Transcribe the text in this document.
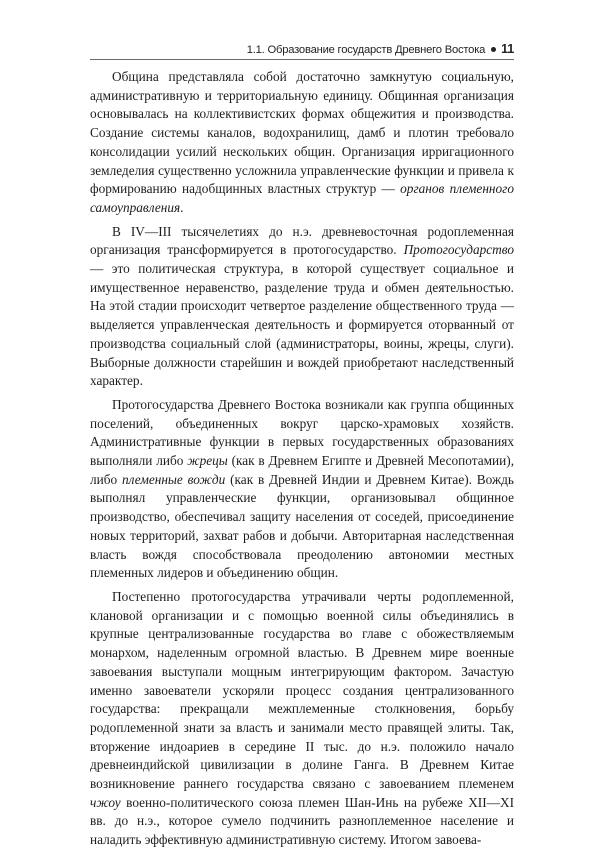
1.1. Образование государств Древнего Востока 11

Община представляла собой достаточно замкнутую социальную, административную и территориальную единицу. Общинная организация основывалась на коллективистских формах общежития и производства. Создание системы каналов, водохранилищ, дамб и плотин требовало консолидации усилий нескольких общин. Организация ирригационного земледелия существенно усложнила управленческие функции и привела к формированию надобщинных властных структур — органов племенного самоуправления.

В IV—III тысячелетиях до н.э. древневосточная родоплеменная организация трансформируется в протогосударство. Протогосударство — это политическая структура, в которой существует социальное и имущественное неравенство, разделение труда и обмен деятельностью. На этой стадии происходит четвертое разделение общественного труда — выделяется управленческая деятельность и формируется оторванный от производства социальный слой (администраторы, воины, жрецы, слуги). Выборные должности старейшин и вождей приобретают наследственный характер.

Протогосударства Древнего Востока возникали как группа общинных поселений, объединенных вокруг царско-храмовых хозяйств. Административные функции в первых государственных образованиях выполняли либо жрецы (как в Древнем Египте и Древней Месопотамии), либо племенные вожди (как в Древней Индии и Древнем Китае). Вождь выполнял управленческие функции, организовывал общинное производство, обеспечивал защиту населения от соседей, присоединение новых территорий, захват рабов и добычи. Авторитарная наследственная власть вождя способствовала преодолению автономии местных племенных лидеров и объединению общин.

Постепенно протогосударства утрачивали черты родоплеменной, клановой организации и с помощью военной силы объединялись в крупные централизованные государства во главе с обожествляемым монархом, наделенным огромной властью. В Древнем мире военные завоевания выступали мощным интегрирующим фактором. Зачастую именно завоеватели ускоряли процесс создания централизованного государства: прекращали межплеменные столкновения, борьбу родоплеменной знати за власть и занимали место правящей элиты. Так, вторжение индоариев в середине II тыс. до н.э. положило начало древнеиндийской цивилизации в долине Ганга. В Древнем Китае возникновение раннего государства связано с завоеванием племенем чжоу военно-политического союза племен Шан-Инь на рубеже XII—XI вв. до н.э., которое сумело подчинить разноплеменное население и наладить эффективную административную систему. Итогом завоева-
